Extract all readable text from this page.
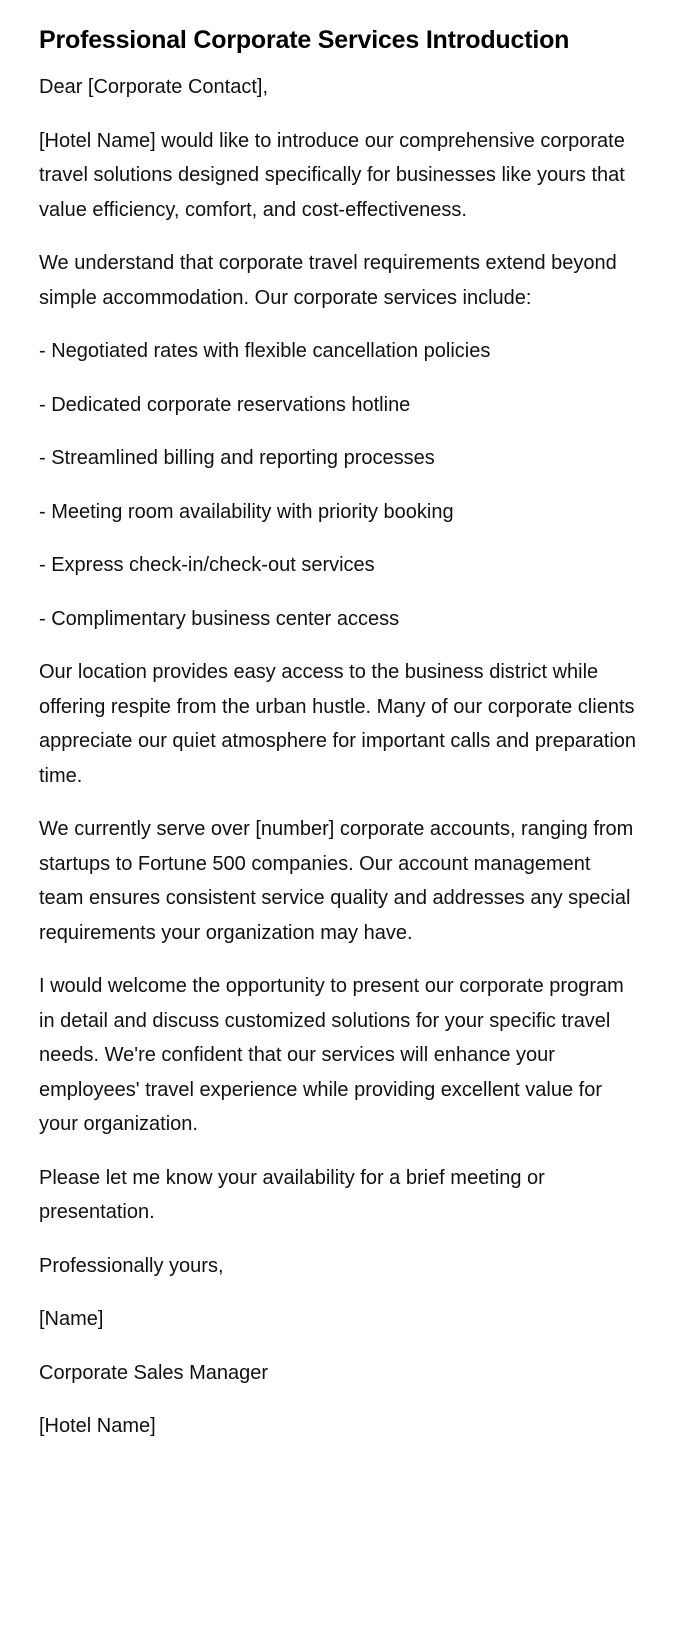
Professional Corporate Services Introduction

Dear [Corporate Contact],

[Hotel Name] would like to introduce our comprehensive corporate travel solutions designed specifically for businesses like yours that value efficiency, comfort, and cost-effectiveness.

We understand that corporate travel requirements extend beyond simple accommodation. Our corporate services include:

- Negotiated rates with flexible cancellation policies

- Dedicated corporate reservations hotline

- Streamlined billing and reporting processes

- Meeting room availability with priority booking

- Express check-in/check-out services

- Complimentary business center access

Our location provides easy access to the business district while offering respite from the urban hustle. Many of our corporate clients appreciate our quiet atmosphere for important calls and preparation time.

We currently serve over [number] corporate accounts, ranging from startups to Fortune 500 companies. Our account management team ensures consistent service quality and addresses any special requirements your organization may have.

I would welcome the opportunity to present our corporate program in detail and discuss customized solutions for your specific travel needs. We're confident that our services will enhance your employees' travel experience while providing excellent value for your organization.

Please let me know your availability for a brief meeting or presentation.

Professionally yours,

[Name]

Corporate Sales Manager

[Hotel Name]
